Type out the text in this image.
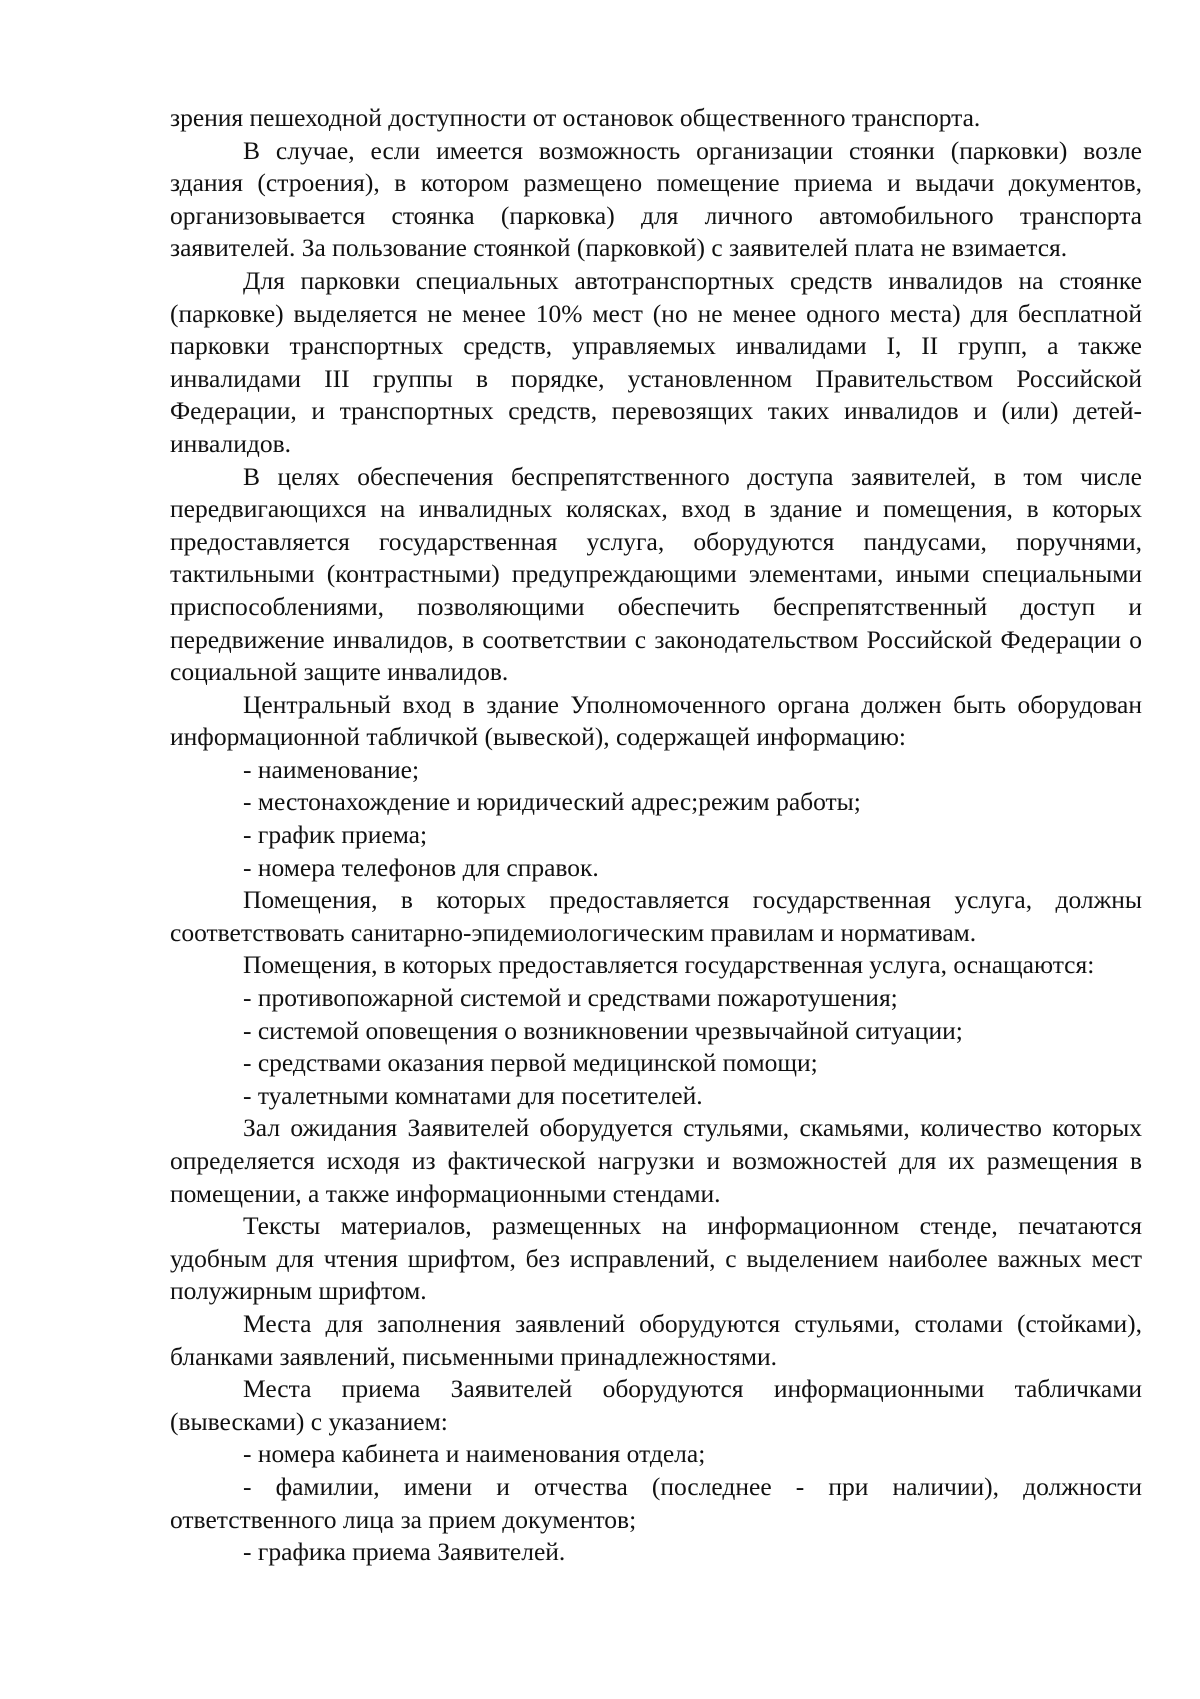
зрения пешеходной доступности от остановок общественного транспорта.

В случае, если имеется возможность организации стоянки (парковки) возле здания (строения), в котором размещено помещение приема и выдачи документов, организовывается стоянка (парковка) для личного автомобильного транспорта заявителей. За пользование стоянкой (парковкой) с заявителей плата не взимается.

Для парковки специальных автотранспортных средств инвалидов на стоянке (парковке) выделяется не менее 10% мест (но не менее одного места) для бесплатной парковки транспортных средств, управляемых инвалидами I, II групп, а также инвалидами III группы в порядке, установленном Правительством Российской Федерации, и транспортных средств, перевозящих таких инвалидов и (или) детей- инвалидов.

В целях обеспечения беспрепятственного доступа заявителей, в том числе передвигающихся на инвалидных колясках, вход в здание и помещения, в которых предоставляется государственная услуга, оборудуются пандусами, поручнями, тактильными (контрастными) предупреждающими элементами, иными специальными приспособлениями, позволяющими обеспечить беспрепятственный доступ и передвижение инвалидов, в соответствии с законодательством Российской Федерации о социальной защите инвалидов.

Центральный вход в здание Уполномоченного органа должен быть оборудован информационной табличкой (вывеской), содержащей информацию:

- наименование;

- местонахождение и юридический адрес;режим работы;

- график приема;

- номера телефонов для справок.

Помещения, в которых предоставляется государственная услуга, должны соответствовать санитарно-эпидемиологическим правилам и нормативам.

Помещения, в которых предоставляется государственная услуга, оснащаются:

- противопожарной системой и средствами пожаротушения;

- системой оповещения о возникновении чрезвычайной ситуации;

- средствами оказания первой медицинской помощи;

- туалетными комнатами для посетителей.

Зал ожидания Заявителей оборудуется стульями, скамьями, количество которых определяется исходя из фактической нагрузки и возможностей для их размещения в помещении, а также информационными стендами.

Тексты материалов, размещенных на информационном стенде, печатаются удобным для чтения шрифтом, без исправлений, с выделением наиболее важных мест полужирным шрифтом.

Места для заполнения заявлений оборудуются стульями, столами (стойками), бланками заявлений, письменными принадлежностями.

Места приема Заявителей оборудуются информационными табличками (вывесками) с указанием:

- номера кабинета и наименования отдела;

- фамилии, имени и отчества (последнее - при наличии), должности ответственного лица за прием документов;

- графика приема Заявителей.
